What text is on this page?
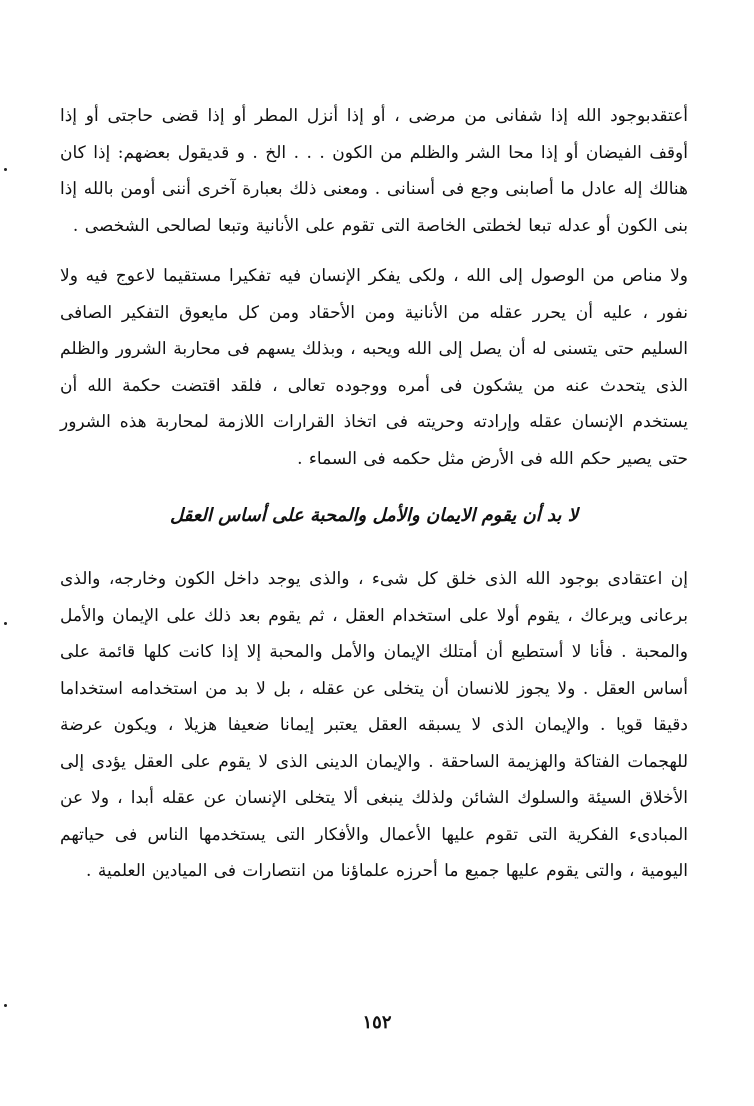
أعتقدبوجود الله إذا شفانى من مرضى ، أو إذا أنزل المطر أو إذا قضى حاجتى أو إذا أوقف الفيضان أو إذا محا الشر والظلم من الكون . . . الخ . و قديقول بعضهم: إذا كان هنالك إله عادل ما أصابنى وجع فى أسنانى . ومعنى ذلك بعبارة آخرى أننى أومن بالله إذا بنى الكون أو عدله تبعا لخطتى الخاصة التى تقوم على الأنانية وتبعا لصالحى الشخصى .

ولا مناص من الوصول إلى الله ، ولكى يفكر الإنسان فيه تفكيرا مستقيما لاعوج فيه ولا نفور ، عليه أن يحرر عقله من الأنانية ومن الأحقاد ومن كل مايعوق التفكير الصافى السليم حتى يتسنى له أن يصل إلى الله ويحبه ، وبذلك يسهم فى محاربة الشرور والظلم الذى يتحدث عنه من يشكون فى أمره ووجوده تعالى ، فلقد اقتضت حكمة الله أن يستخدم الإنسان عقله وإرادته وحريته فى اتخاذ القرارات اللازمة لمحاربة هذه الشرور حتى يصير حكم الله فى الأرض مثل حكمه فى السماء .

لا بد أن يقوم الايمان والأمل والمحبة على أساس العقل

إن اعتقادى بوجود الله الذى خلق كل شىء ، والذى يوجد داخل الكون وخارجه، والذى برعانى ويرعاك ، يقوم أولا على استخدام العقل ، ثم يقوم بعد ذلك على الإيمان والأمل والمحبة . فأنا لا أستطيع أن أمتلك الإيمان والأمل والمحبة إلا إذا كانت كلها قائمة على أساس العقل . ولا يجوز للانسان أن يتخلى عن عقله ، بل لا بد من استخدامه استخداما دقيقا قويا . والإيمان الذى لا يسبقه العقل يعتبر إيمانا ضعيفا هزيلا ، ويكون عرضة للهجمات الفتاكة والهزيمة الساحقة . والإيمان الدينى الذى لا يقوم على العقل يؤدى إلى الأخلاق السيئة والسلوك الشائن ولذلك ينبغى ألا يتخلى الإنسان عن عقله أبدا ، ولا عن المبادىء الفكرية التى تقوم عليها الأعمال والأفكار التى يستخدمها الناس فى حياتهم اليومية ، والتى يقوم عليها جميع ما أحرزه علماؤنا من انتصارات فى الميادين العلمية .

١٥٢
